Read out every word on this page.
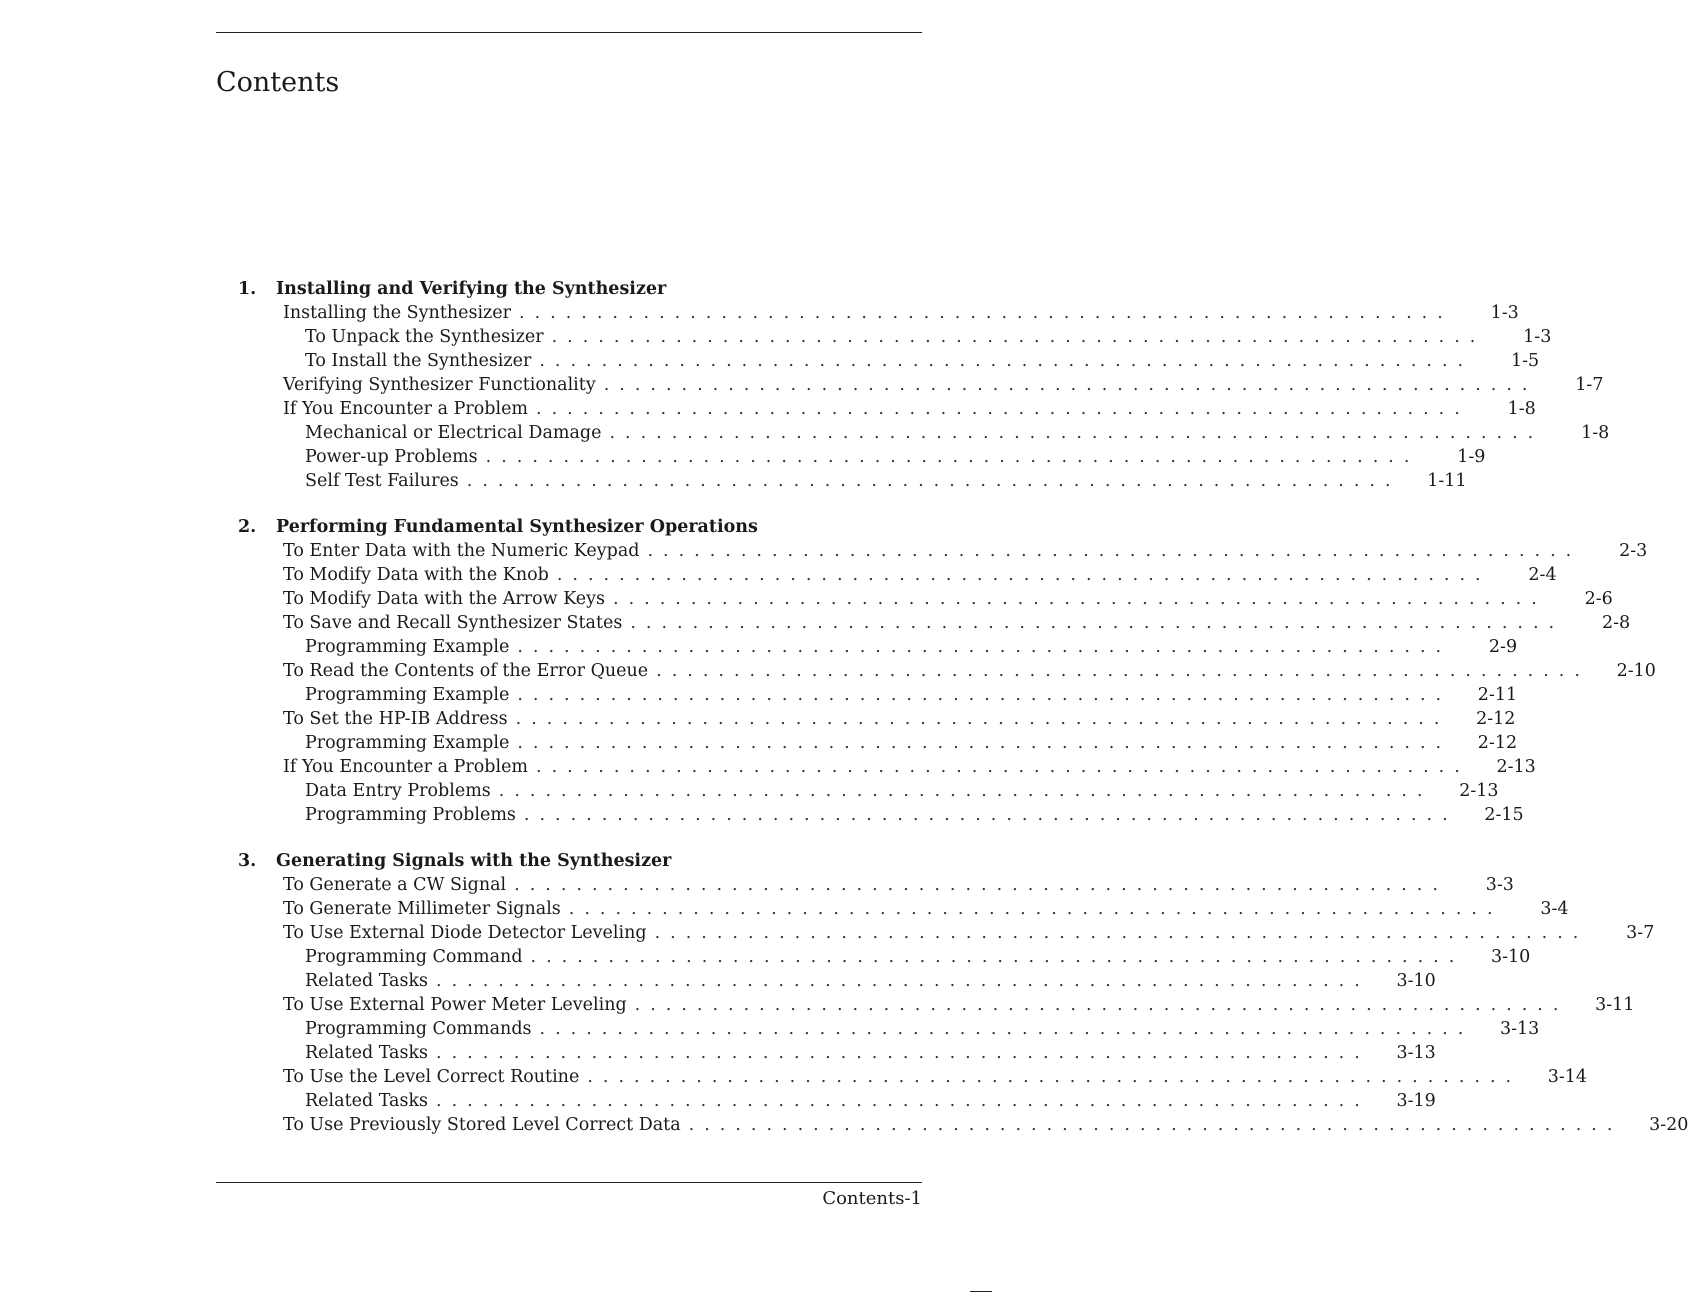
Contents
1.	Installing and Verifying the Synthesizer
Installing the Synthesizer ............................................................	1-3
To Unpack the Synthesizer ............................................................	1-3
To Install the Synthesizer ............................................................	1-5
Verifying Synthesizer Functionality ............................................................	1-7
If You Encounter a Problem ............................................................	1-8
Mechanical or Electrical Damage ............................................................	1-8
Power-up Problems ............................................................	1-9
Self Test Failures ............................................................	1-11
2.	Performing Fundamental Synthesizer Operations
To Enter Data with the Numeric Keypad ............................................................	2-3
To Modify Data with the Knob ............................................................	2-4
To Modify Data with the Arrow Keys ............................................................	2-6
To Save and Recall Synthesizer States ............................................................	2-8
Programming Example ............................................................	2-9
To Read the Contents of the Error Queue ............................................................	2-10
Programming Example ............................................................	2-11
To Set the HP-IB Address ............................................................	2-12
Programming Example ............................................................	2-12
If You Encounter a Problem ............................................................	2-13
Data Entry Problems ............................................................	2-13
Programming Problems ............................................................	2-15
3.	Generating Signals with the Synthesizer
To Generate a CW Signal ............................................................	3-3
To Generate Millimeter Signals ............................................................	3-4
To Use External Diode Detector Leveling ............................................................	3-7
Programming Command ............................................................	3-10
Related Tasks ............................................................	3-10
To Use External Power Meter Leveling ............................................................	3-11
Programming Commands ............................................................	3-13
Related Tasks ............................................................	3-13
To Use the Level Correct Routine ............................................................	3-14
Related Tasks ............................................................	3-19
To Use Previously Stored Level Correct Data ............................................................	3-20
Contents-1
